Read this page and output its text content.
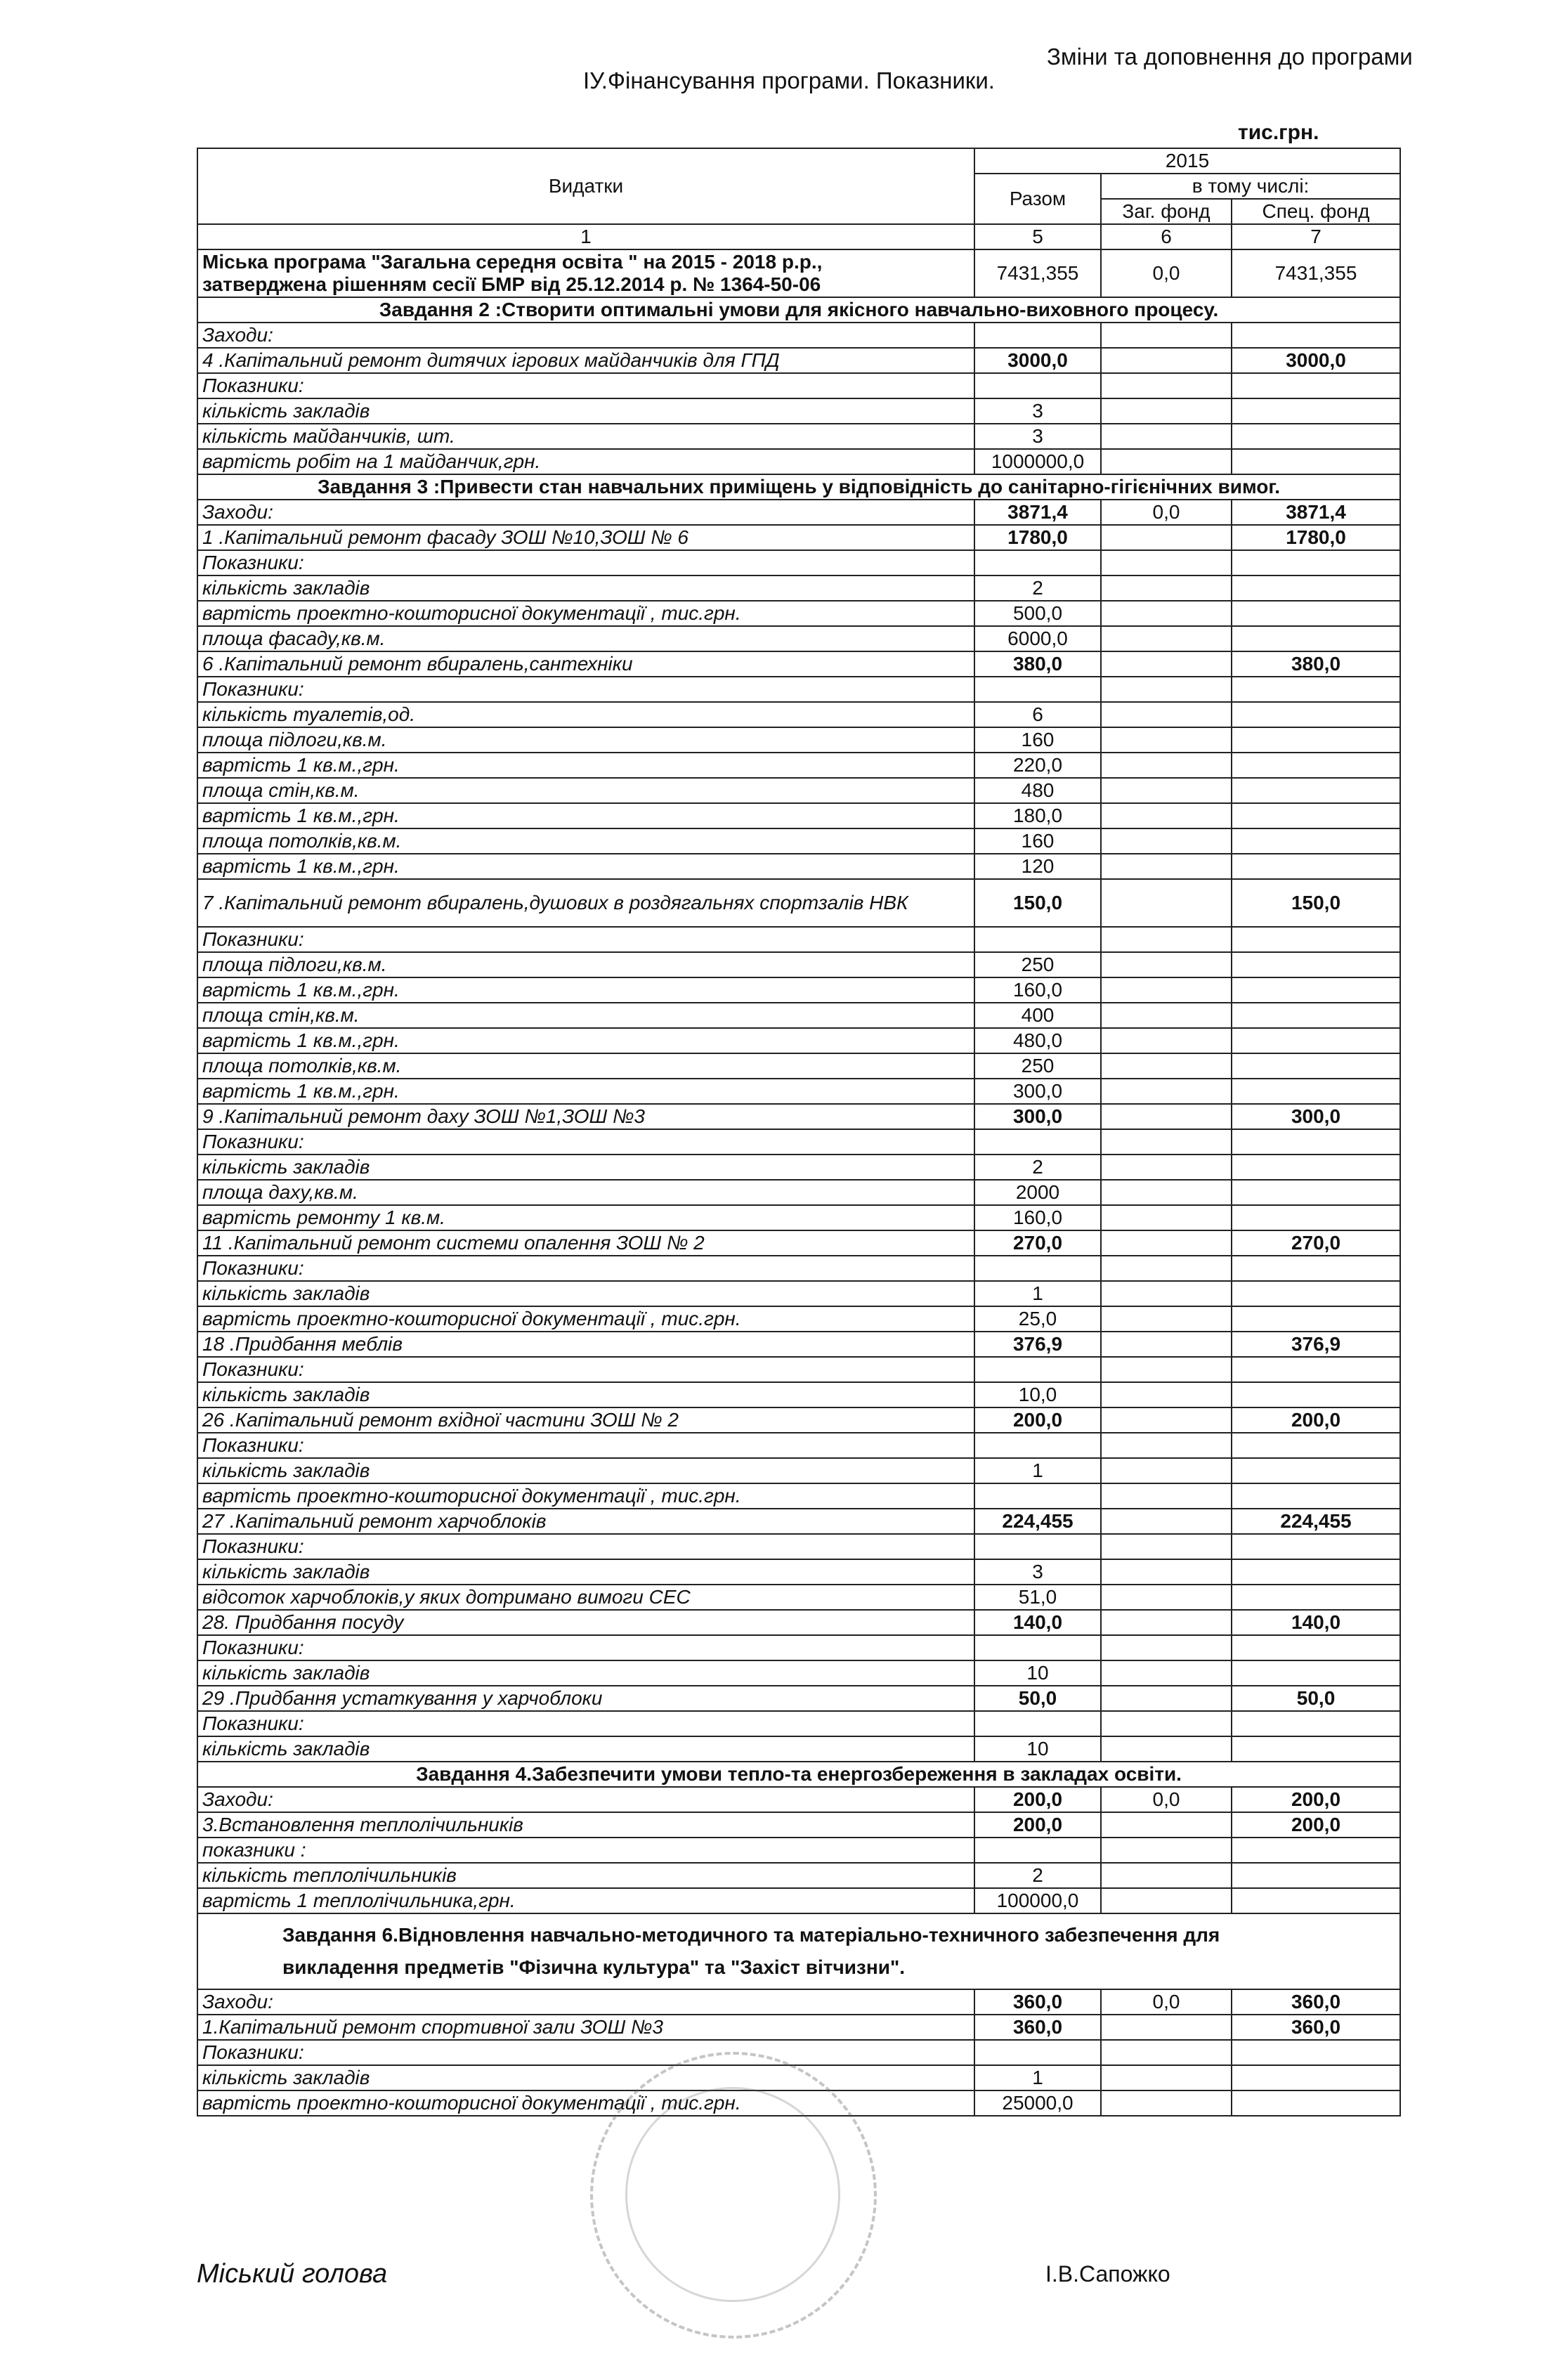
Зміни та доповнення до програми
ІУ.Фінансування програми. Показники.
тис.грн.
Видатки	2015		
	Разом	в тому числі:	
		Заг. фонд	Спец. фонд
1	5	6	7

Міська програма "Загальна середня освіта " на 2015 - 2018 р.р.,
затверджена рішенням сесії БМР від 25.12.2014 р. № 1364-50-06	7431,355	0,0	7431,355

Завдання 2 :Створити оптимальні умови для якісного навчально-виховного процесу.			

Заходи:			
4 .Капітальний ремонт дитячих ігрових майданчиків для ГПД	3000,0		3000,0
Показники:			
кількість закладів	3		
кількість майданчиків, шт.	3		
вартість робіт на 1 майданчик,грн.	1000000,0		

Завдання 3 :Привести стан навчальних приміщень у відповідність до санітарно-гігієнічних вимог.			

Заходи:	3871,4	0,0	3871,4
1 .Капітальний ремонт фасаду ЗОШ №10,ЗОШ № 6	1780,0		1780,0
Показники:			
кількість закладів	2		
вартість проектно-кошторисної документації , тис.грн.	500,0		
площа фасаду,кв.м.	6000,0		
6 .Капітальний ремонт вбиралень,сантехніки	380,0		380,0
Показники:			
кількість туалетів,од.	6		
площа підлоги,кв.м.	160		
вартість 1 кв.м.,грн.	220,0		
площа стін,кв.м.	480		
вартість 1 кв.м.,грн.	180,0		
площа потолків,кв.м.	160		
вартість 1 кв.м.,грн.	120		
7 .Капітальний ремонт вбиралень,душових в роздягальнях спортзалів НВК	150,0		150,0
Показники:			
площа підлоги,кв.м.	250		
вартість 1 кв.м.,грн.	160,0		
площа стін,кв.м.	400		
вартість 1 кв.м.,грн.	480,0		
площа потолків,кв.м.	250		
вартість 1 кв.м.,грн.	300,0		
9 .Капітальний ремонт даху ЗОШ №1,ЗОШ №3	300,0		300,0
Показники:			
кількість закладів	2		
площа даху,кв.м.	2000		
вартість ремонту 1 кв.м.	160,0		
11 .Капітальний ремонт системи опалення ЗОШ № 2	270,0		270,0
Показники:			
кількість закладів	1		
вартість проектно-кошторисної документації , тис.грн.	25,0		
18 .Придбання меблів	376,9		376,9
Показники:			
кількість закладів	10,0		
26 .Капітальний ремонт вхідної частини ЗОШ № 2	200,0		200,0
Показники:			
кількість закладів	1		
вартість проектно-кошторисної документації , тис.грн.			
27 .Капітальний ремонт харчоблоків	224,455		224,455
Показники:			
кількість закладів	3		
відсоток харчоблоків,у яких дотримано вимоги СЕС	51,0		
28. Придбання посуду	140,0		140,0
Показники:			
кількість закладів	10		
29 .Придбання устаткування у харчоблоки	50,0		50,0
Показники:			
кількість закладів	10		

Завдання 4.Забезпечити умови тепло-та енергозбереження в закладах освіти.			

Заходи:	200,0	0,0	200,0
3.Встановлення теплолічильників	200,0		200,0
показники :			
кількість теплолічильників	2		
вартість 1 теплолічильника,грн.	100000,0		

Завдання 6.Відновлення навчально-методичного та матеріально-техничного забезпечення для
викладення предметів "Фізична культура" та "Захіст вітчизни".			

Заходи:	360,0	0,0	360,0
1.Капітальний ремонт спортивної зали ЗОШ №3	360,0		360,0
Показники:			
кількість закладів	1		
вартість проектно-кошторисної документації , тис.грн.	25000,0		
Міський голова	І.В.Сапожко
